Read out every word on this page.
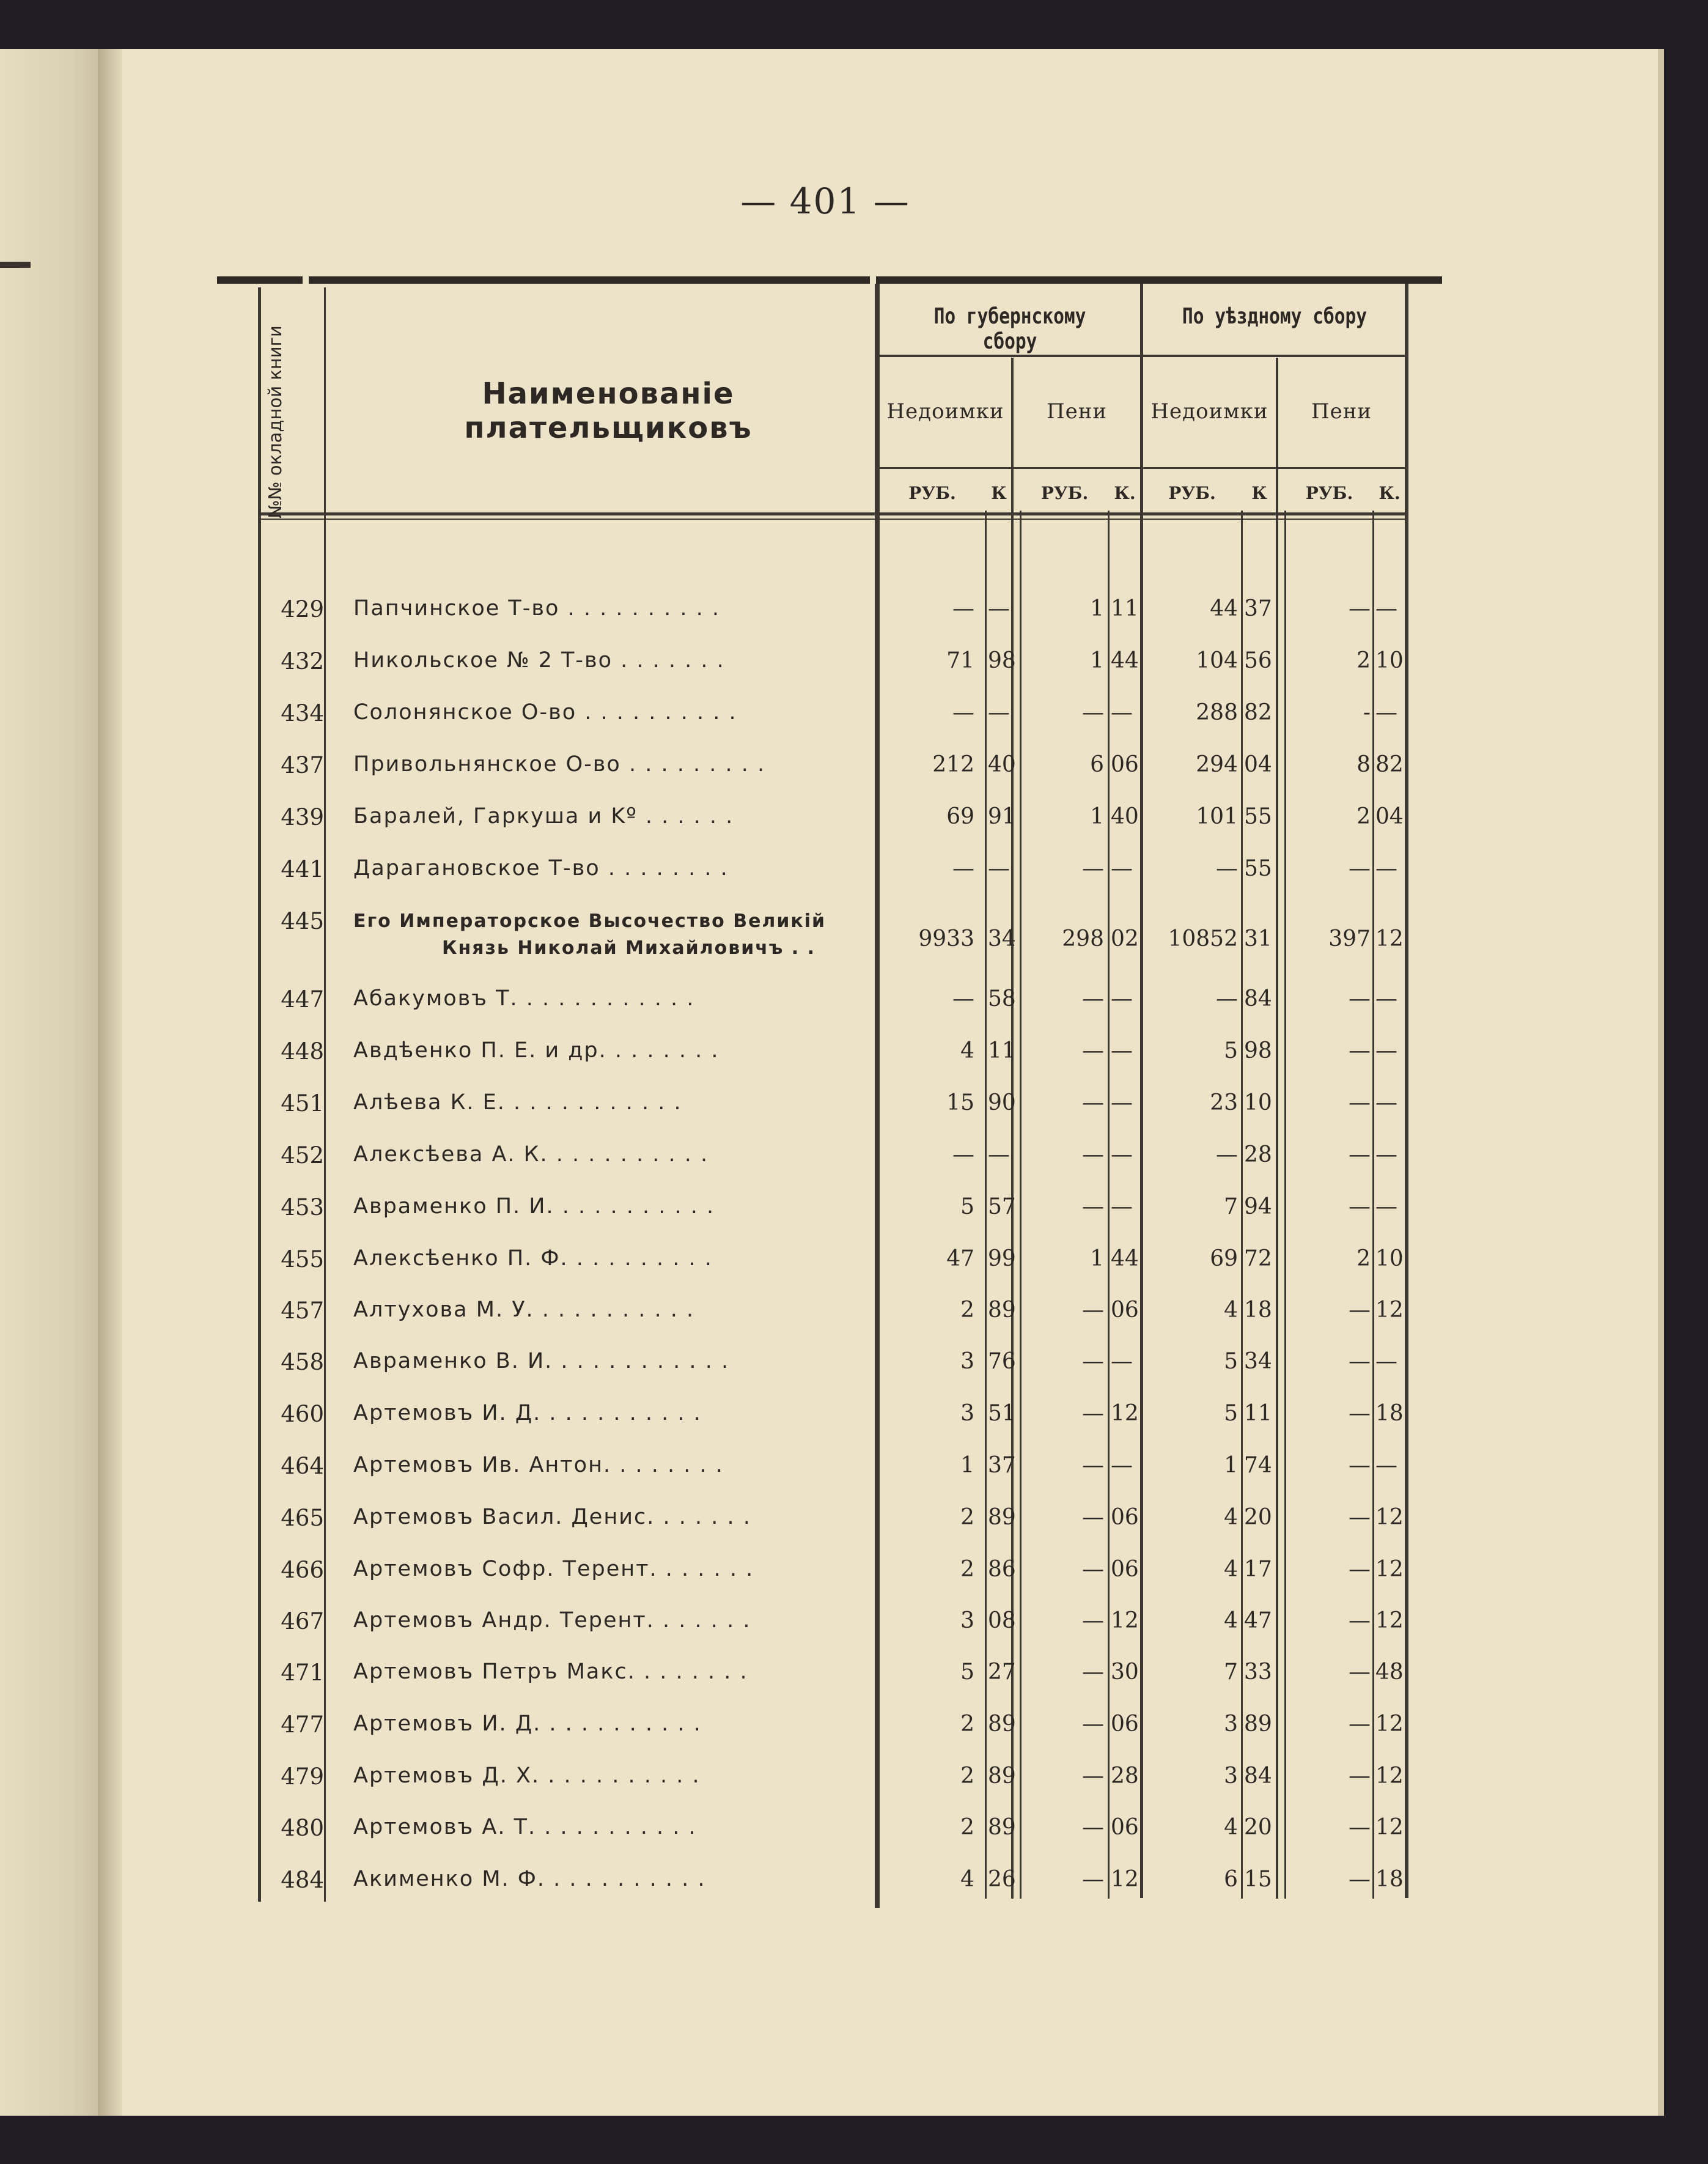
— 401 —
№№ окладной книги	Наименованіе плательщиковъ
По губернскому сбору
По уѣздному сбору
Недоимки	Пени	Недоимки	Пени
РУБ.	К	РУБ.	К.	РУБ.	К	РУБ.	К.
429 Папчинское Т-во . . . . . . . . . .	— —	1 11	44 37	— —
432 Никольское № 2 Т-во . . . . . . .	71 98	1 44	104 56	2 10
434 Солонянское О-во . . . . . . . . . .	— —	— —	288 82	- —
437 Привольнянское О-во . . . . . . . . .	212 40	6 06	294 04	8 82
439 Баралей, Гаркуша и Kº . . . . . .	69 91	1 40	101 55	2 04
441 Дарагановское Т-во . . . . . . . .	— —	— —	— 55	— —
445 Его Императорское Высочество Великій
Князь Николай Михайловичъ . .	9933 34	298 02	10852 31	397 12
447 Абакумовъ Т. . . . . . . . . . . .	— 58	— —	— 84	— —
448 Авдѣенко П. Е. и др. . . . . . . .	4 11	— —	5 98	— —
451 Алѣева К. Е. . . . . . . . . . . .	15 90	— —	23 10	— —
452 Алексѣева А. К. . . . . . . . . . .	— —	— —	— 28	— —
453 Авраменко П. И. . . . . . . . . . .	5 57	— —	7 94	— —
455 Алексѣенко П. Ф. . . . . . . . . .	47 99	1 44	69 72	2 10
457 Алтухова М. У. . . . . . . . . . .	2 89	— 06	4 18	— 12
458 Авраменко В. И. . . . . . . . . . . .	3 76	— —	5 34	— —
460 Артемовъ И. Д. . . . . . . . . . .	3 51	— 12	5 11	— 18
464 Артемовъ Ив. Антон. . . . . . . .	1 37	— —	1 74	— —
465 Артемовъ Васил. Денис. . . . . . .	2 89	— 06	4 20	— 12
466 Артемовъ Софр. Терент. . . . . . .	2 86	— 06	4 17	— 12
467 Артемовъ Андр. Терент. . . . . . .	3 08	— 12	4 47	— 12
471 Артемовъ Петръ Макс. . . . . . . .	5 27	— 30	7 33	— 48
477 Артемовъ И. Д. . . . . . . . . . .	2 89	— 06	3 89	— 12
479 Артемовъ Д. Х. . . . . . . . . . .	2 89	— 28	3 84	— 12
480 Артемовъ А. Т. . . . . . . . . . .	2 89	— 06	4 20	— 12
484 Акименко М. Ф. . . . . . . . . . .	4 26	— 12	6 15	— 18
